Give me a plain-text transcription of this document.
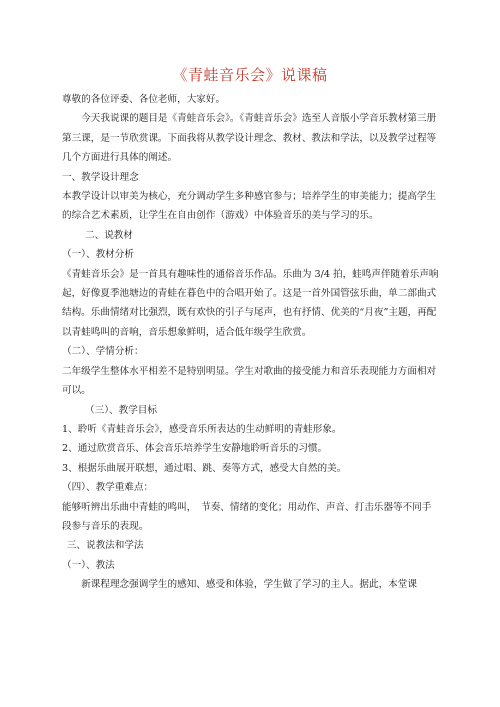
《青蛙音乐会》说课稿

尊敬的各位评委、各位老师，大家好。

今天我说课的题目是《青蛙音乐会》。《青蛙音乐会》选至人音版小学音乐教材第三册第三课，是一节欣赏课。下面我将从教学设计理念、教材、教法和学法，以及教学过程等几个方面进行具体的阐述。

一、教学设计理念

本教学设计以审美为核心，充分调动学生多种感官参与；培养学生的审美能力；提高学生的综合艺术素质，让学生在自由创作（游戏）中体验音乐的美与学习的乐。

二、说教材

（一）、教材分析

《青蛙音乐会》是一首具有趣味性的通俗音乐作品。乐曲为 3/4 拍，蛙鸣声伴随着乐声响起，好像夏季池塘边的青蛙在暮色中的合唱开始了。这是一首外国管弦乐曲，单二部曲式结构。乐曲情绪对比强烈，既有欢快的引子与尾声，也有抒情、优美的“月夜”主题，再配以青蛙鸣叫的音响，音乐想象鲜明，适合低年级学生欣赏。

（二）、学情分析：

二年级学生整体水平相差不是特别明显。学生对歌曲的接受能力和音乐表现能力方面相对可以。

（三）、教学目标

1、聆听《青蛙音乐会》，感受音乐所表达的生动鲜明的青蛙形象。

2、通过欣赏音乐、体会音乐培养学生安静地聆听音乐的习惯。

3、根据乐曲展开联想，通过唱、跳、奏等方式，感受大自然的美。

（四）、教学重难点：

能够听辨出乐曲中青蛙的鸣叫，　节奏、情绪的变化；用动作、声音、打击乐器等不同手段参与音乐的表现。

三、说教法和学法

（一）、教法

新课程理念强调学生的感知、感受和体验，学生做了学习的主人。据此，本堂课
